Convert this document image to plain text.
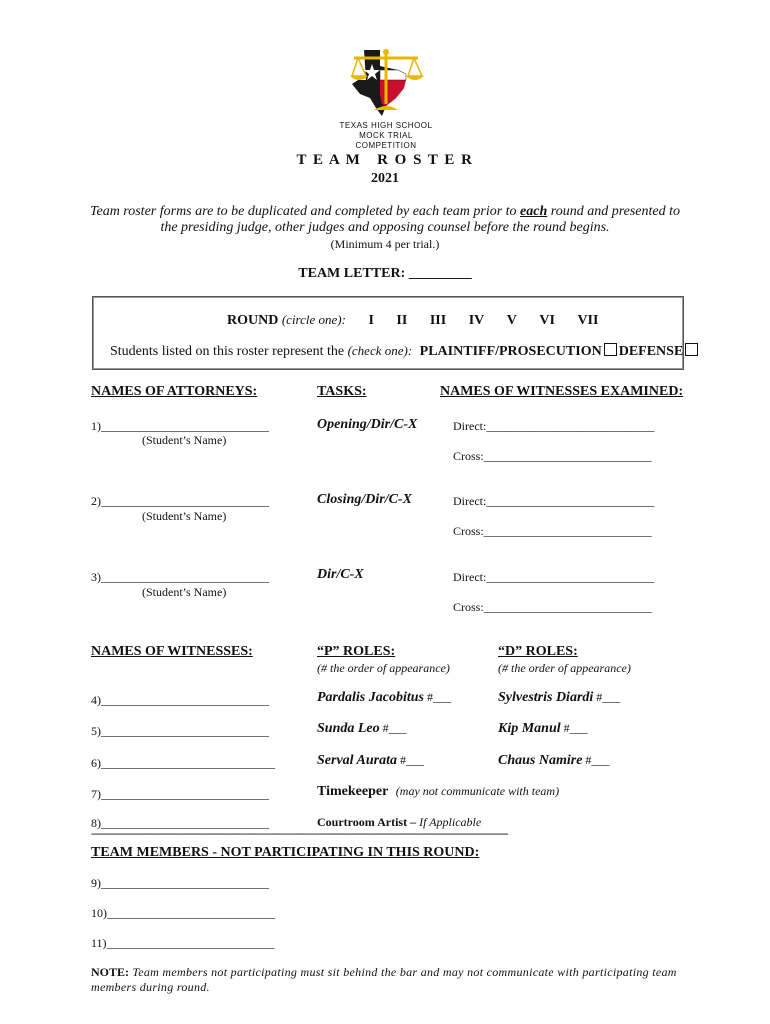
TEXAS HIGH SCHOOL
MOCK TRIAL COMPETITION
T E A M   R O S T E R
2021
Team roster forms are to be duplicated and completed by each team prior to each round and presented to
the presiding judge, other judges and opposing counsel before the round begins.
(Minimum 4 per trial.)
TEAM LETTER: _________
ROUND (circle one): I II III IV V VI VII
Students listed on this roster represent the (check one): PLAINTIFF/PROSECUTION DEFENSE
NAMES OF ATTORNEYS:	TASKS:	NAMES OF WITNESSES EXAMINED:
1)____________________________
(Student’s Name)
Opening/Dir/C-X	Direct:____________________________
Cross:____________________________
2)____________________________
(Student’s Name)
Closing/Dir/C-X	Direct:____________________________
Cross:____________________________
3)____________________________
(Student’s Name)
Dir/C-X	Direct:____________________________
Cross:____________________________
NAMES OF WITNESSES:	“P” ROLES:
(# the order of appearance)
“D” ROLES:
(# the order of appearance)
4)____________________________	Pardalis Jacobitus #___	Sylvestris Diardi #___
5)____________________________	Sunda Leo #___	Kip Manul #___
6)_____________________________	Serval Aurata #___	Chaus Namire #___
7)____________________________	Timekeeper (may not communicate with team)
8)____________________________	Courtroom Artist – If Applicable
-------------------------------------------------------------------------------------------------------------------------------------------
TEAM MEMBERS - NOT PARTICIPATING IN THIS ROUND:
9)____________________________
10)____________________________
11)____________________________
NOTE: Team members not participating must sit behind the bar and may not communicate with participating team
members during round.
